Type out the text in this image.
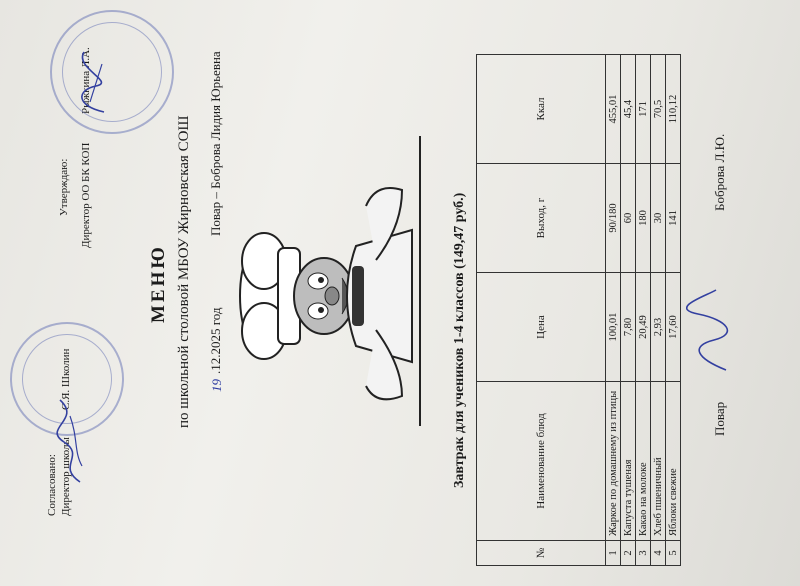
Согласовано: Директор школы
С.Я. Школин
Утверждаю: Директор ОО БК КОП
Рыжкина Л.А.
МЕНЮ по школьной столовой МБОУ Жирновская СОШ 19
.12.2025 год
Повар – Боброва Лидия Юрьевна
Завтрак для учеников 1-4 классов (149,47 руб.)
№	Наименование блюд	Цена	Выход, г	Ккал
1	Жаркое по домашнему из птицы	100,01	90/180	455,01
2	Капуста тушеная	7,80	60	45,4
3	Какао на молоке	20,49	180	171
4	Хлеб пшеничный	2,93	30	70,5
5	Яблоки свежие	17,60	141	110,12
Повар
Боброва Л.Ю.
